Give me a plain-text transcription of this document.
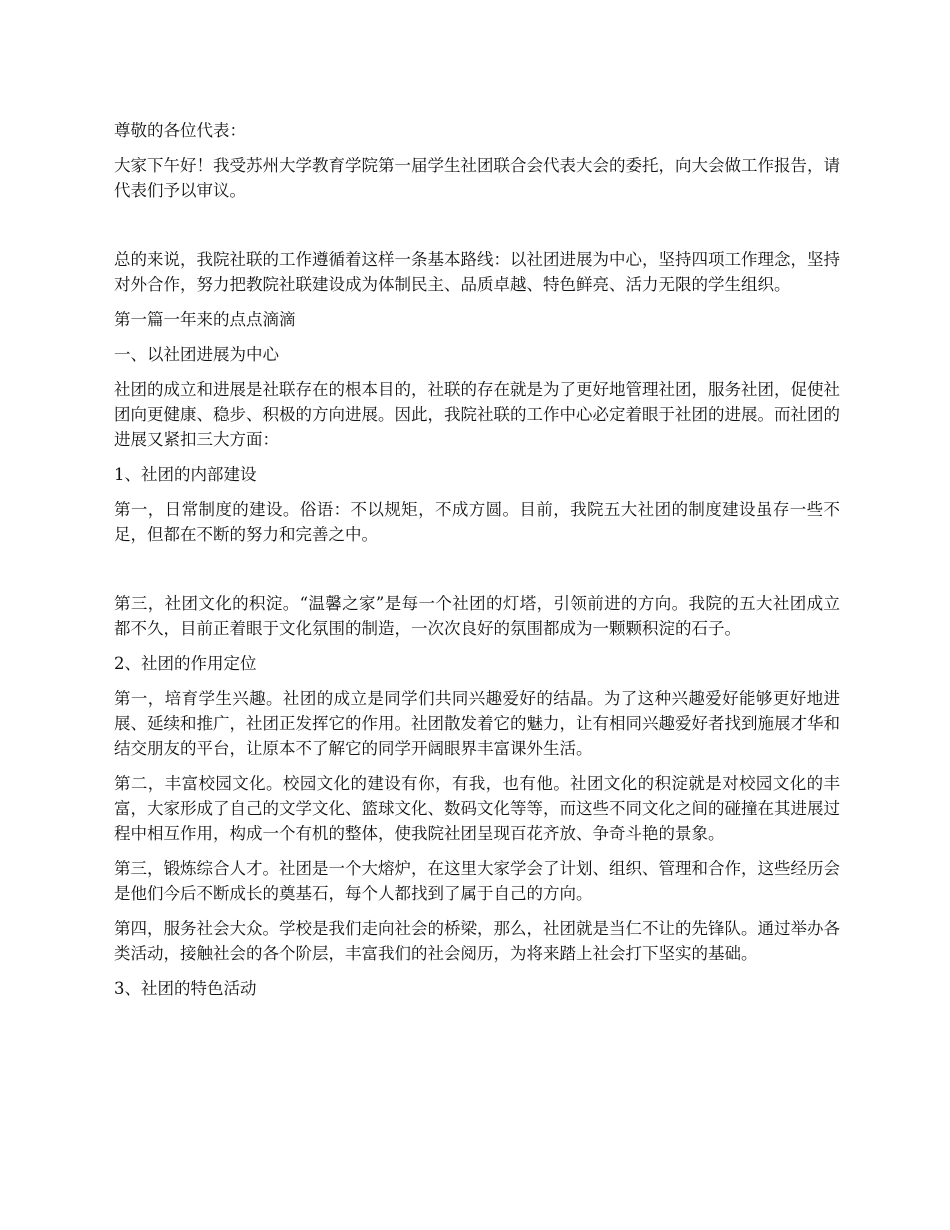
尊敬的各位代表：

大家下午好！我受苏州大学教育学院第一届学生社团联合会代表大会的委托，向大会做工作报告，请代表们予以审议。

总的来说，我院社联的工作遵循着这样一条基本路线：以社团进展为中心，坚持四项工作理念，坚持对外合作，努力把教院社联建设成为体制民主、品质卓越、特色鲜亮、活力无限的学生组织。

第一篇一年来的点点滴滴

一、以社团进展为中心

社团的成立和进展是社联存在的根本目的，社联的存在就是为了更好地管理社团，服务社团，促使社团向更健康、稳步、积极的方向进展。因此，我院社联的工作中心必定着眼于社团的进展。而社团的进展又紧扣三大方面：

1、社团的内部建设

第一，日常制度的建设。俗语：不以规矩，不成方圆。目前，我院五大社团的制度建设虽存一些不足，但都在不断的努力和完善之中。

第三，社团文化的积淀。“温馨之家”是每一个社团的灯塔，引领前进的方向。我院的五大社团成立都不久，目前正着眼于文化氛围的制造，一次次良好的氛围都成为一颗颗积淀的石子。

2、社团的作用定位

第一，培育学生兴趣。社团的成立是同学们共同兴趣爱好的结晶。为了这种兴趣爱好能够更好地进展、延续和推广，社团正发挥它的作用。社团散发着它的魅力，让有相同兴趣爱好者找到施展才华和结交朋友的平台，让原本不了解它的同学开阔眼界丰富课外生活。

第二，丰富校园文化。校园文化的建设有你，有我，也有他。社团文化的积淀就是对校园文化的丰富，大家形成了自己的文学文化、篮球文化、数码文化等等，而这些不同文化之间的碰撞在其进展过程中相互作用，构成一个有机的整体，使我院社团呈现百花齐放、争奇斗艳的景象。

第三，锻炼综合人才。社团是一个大熔炉，在这里大家学会了计划、组织、管理和合作，这些经历会是他们今后不断成长的奠基石，每个人都找到了属于自己的方向。

第四，服务社会大众。学校是我们走向社会的桥梁，那么，社团就是当仁不让的先锋队。通过举办各类活动，接触社会的各个阶层，丰富我们的社会阅历，为将来踏上社会打下坚实的基础。

3、社团的特色活动
